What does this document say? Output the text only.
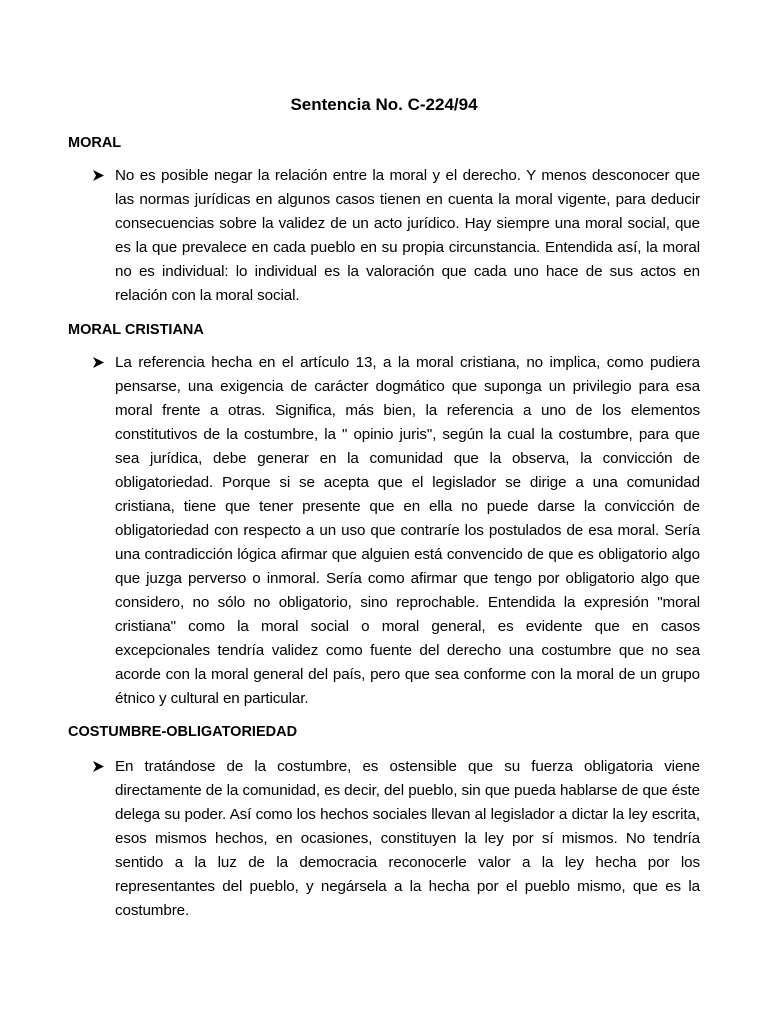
Sentencia No. C-224/94
MORAL

No es posible negar la relación entre la moral y el derecho. Y menos desconocer que las normas jurídicas en algunos casos tienen en cuenta la moral vigente, para deducir consecuencias sobre la validez de un acto jurídico. Hay siempre una moral social, que es la que prevalece en cada pueblo en su propia circunstancia. Entendida así, la moral no es individual: lo individual es la valoración que cada uno hace de sus actos en relación con la moral social.

MORAL CRISTIANA

La referencia hecha en el artículo 13, a la moral cristiana, no implica, como pudiera pensarse, una exigencia de carácter dogmático que suponga un privilegio para esa moral frente a otras. Significa, más bien, la referencia a uno de los elementos constitutivos de la costumbre, la " opinio juris", según la cual la costumbre, para que sea jurídica, debe generar en la comunidad que la observa, la convicción de obligatoriedad. Porque si se acepta que el legislador se dirige a una comunidad cristiana, tiene que tener presente que en ella no puede darse la convicción de obligatoriedad con respecto a un uso que contraríe los postulados de esa moral. Sería una contradicción lógica afirmar que alguien está convencido de que es obligatorio algo que juzga perverso o inmoral. Sería como afirmar que tengo por obligatorio algo que considero, no sólo no obligatorio, sino reprochable. Entendida la expresión "moral cristiana" como la moral social o moral general, es evidente que en casos excepcionales tendría validez como fuente del derecho una costumbre que no sea acorde con la moral general del país, pero que sea conforme con la moral de un grupo étnico y cultural en particular.

COSTUMBRE-OBLIGATORIEDAD

En tratándose de la costumbre, es ostensible que su fuerza obligatoria viene directamente de la comunidad, es decir, del pueblo, sin que pueda hablarse de que éste delega su poder. Así como los hechos sociales llevan al legislador a dictar la ley escrita, esos mismos hechos, en ocasiones, constituyen la ley por sí mismos. No tendría sentido a la luz de la democracia reconocerle valor a la ley hecha por los representantes del pueblo, y negársela a la hecha por el pueblo mismo, que es la costumbre.
